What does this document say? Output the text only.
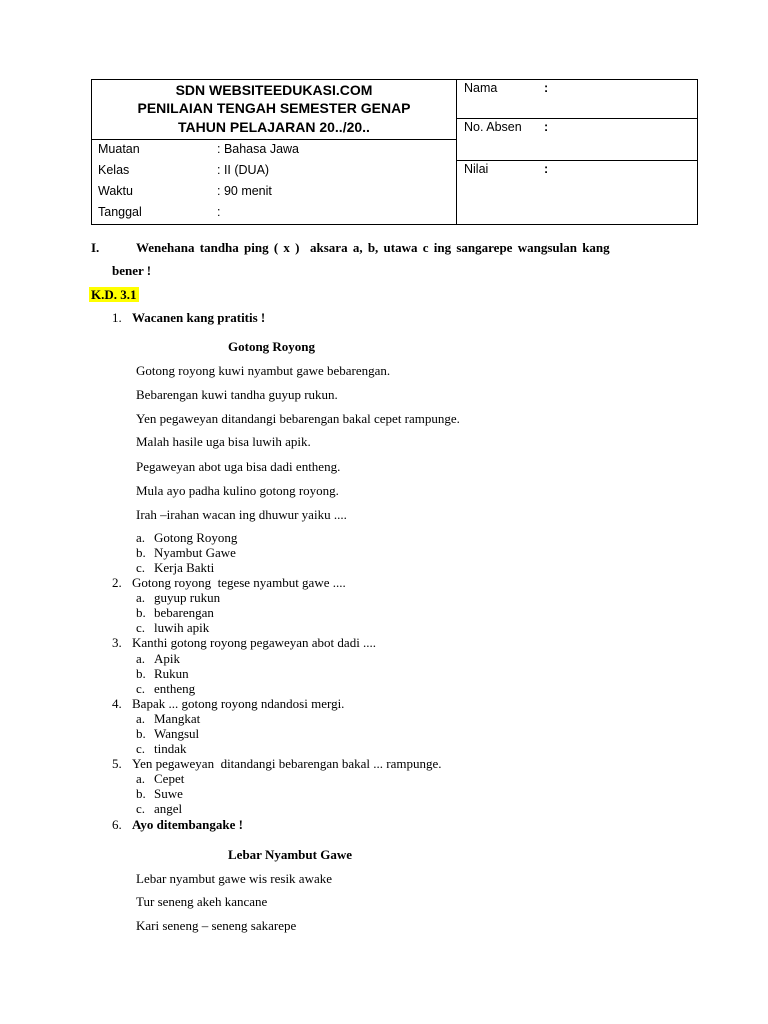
SDN WEBSITEEDUKASI.COM
PENILAIAN TENGAH SEMESTER GENAP
TAHUN PELAJARAN 20../20..
Muatan	: Bahasa Jawa
Kelas	: II (DUA)
Waktu	: 90 menit
Tanggal	:
Nama	:
No. Absen :
Nilai	:
I.	Wenehana tandha ping ( x )  aksara a, b, utawa c ing sangarepe wangsulan kang
bener !
K.D. 3.1
1. Wacanen kang pratitis !
Gotong Royong
Gotong royong kuwi nyambut gawe bebarengan.
Bebarengan kuwi tandha guyup rukun.
Yen pegaweyan ditandangi bebarengan bakal cepet rampunge.
Malah hasile uga bisa luwih apik.
Pegaweyan abot uga bisa dadi entheng.
Mula ayo padha kulino gotong royong.
Irah –irahan wacan ing dhuwur yaiku ....
a. Gotong Royong
b. Nyambut Gawe
c. Kerja Bakti
2. Gotong royong  tegese nyambut gawe ....
a. guyup rukun
b. bebarengan
c. luwih apik
3. Kanthi gotong royong pegaweyan abot dadi ....
a. Apik
b. Rukun
c. entheng
4. Bapak ... gotong royong ndandosi mergi.
a. Mangkat
b. Wangsul
c. tindak
5. Yen pegaweyan  ditandangi bebarengan bakal ... rampunge.
a. Cepet
b. Suwe
c. angel
6. Ayo ditembangake !
Lebar Nyambut Gawe
Lebar nyambut gawe wis resik awake
Tur seneng akeh kancane
Kari seneng – seneng sakarepe
